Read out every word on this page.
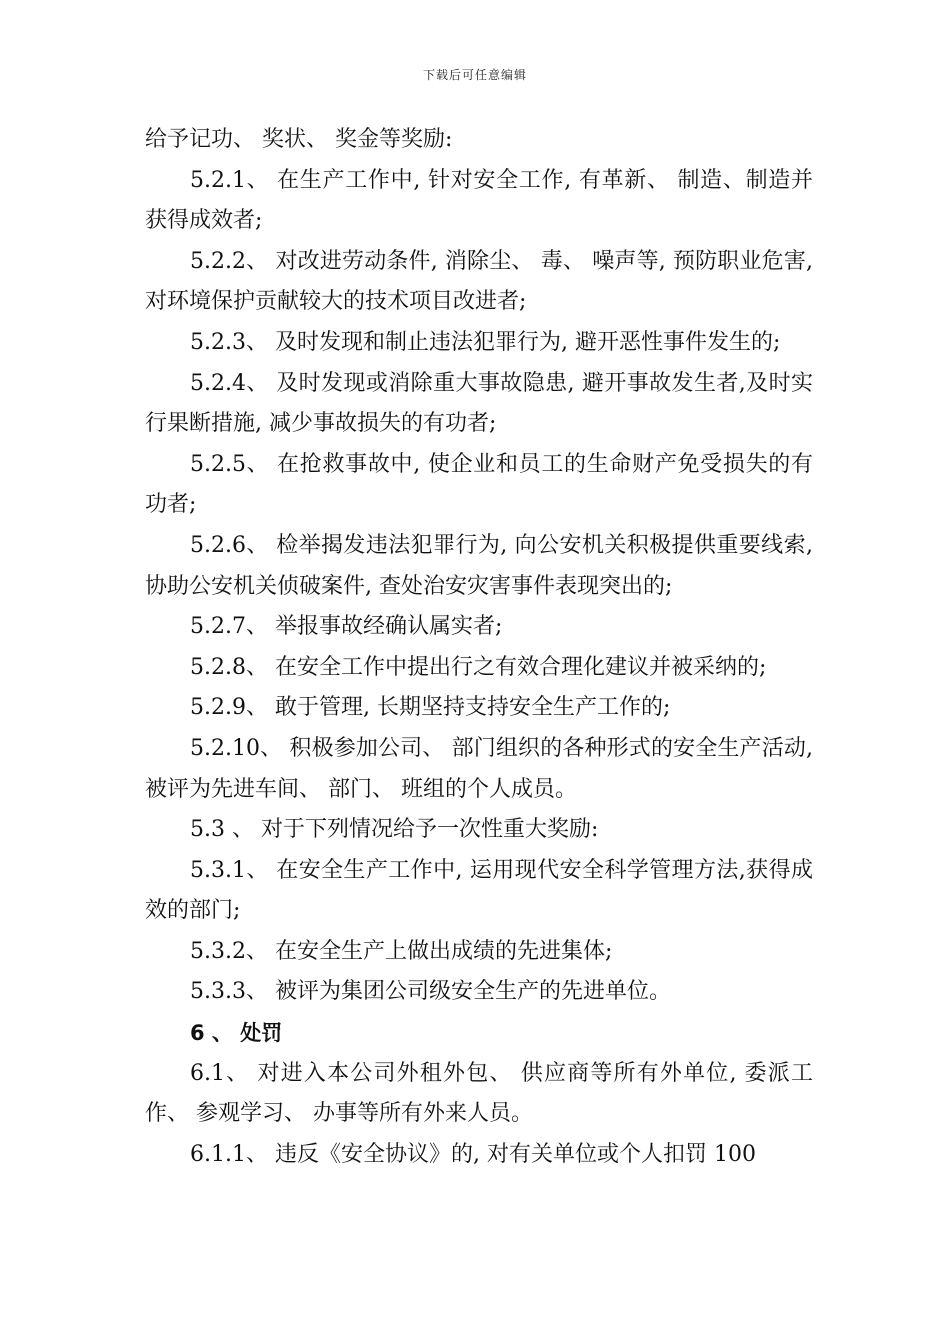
下载后可任意编辑

给予记功、 奖状、 奖金等奖励:

5.2.1、 在生产工作中, 针对安全工作, 有革新、 制造、制造并获得成效者;

5.2.2、 对改进劳动条件, 消除尘、 毒、 噪声等, 预防职业危害, 对环境保护贡献较大的技术项目改进者;

5.2.3、 及时发现和制止违法犯罪行为, 避开恶性事件发生的;

5.2.4、 及时发现或消除重大事故隐患, 避开事故发生者,及时实行果断措施, 减少事故损失的有功者;

5.2.5、 在抢救事故中, 使企业和员工的生命财产免受损失的有功者;

5.2.6、 检举揭发违法犯罪行为, 向公安机关积极提供重要线索, 协助公安机关侦破案件, 查处治安灾害事件表现突出的;

5.2.7、 举报事故经确认属实者;

5.2.8、 在安全工作中提出行之有效合理化建议并被采纳的;

5.2.9、 敢于管理, 长期坚持支持安全生产工作的;

5.2.10、 积极参加公司、 部门组织的各种形式的安全生产活动, 被评为先进车间、 部门、 班组的个人成员。

5.3 、 对于下列情况给予一次性重大奖励:

5.3.1、 在安全生产工作中, 运用现代安全科学管理方法,获得成效的部门;

5.3.2、 在安全生产上做出成绩的先进集体;

5.3.3、 被评为集团公司级安全生产的先进单位。

6 、 处罚

6.1、 对进入本公司外租外包、 供应商等所有外单位, 委派工作、 参观学习、 办事等所有外来人员。

6.1.1、 违反《安全协议》的, 对有关单位或个人扣罚 100
